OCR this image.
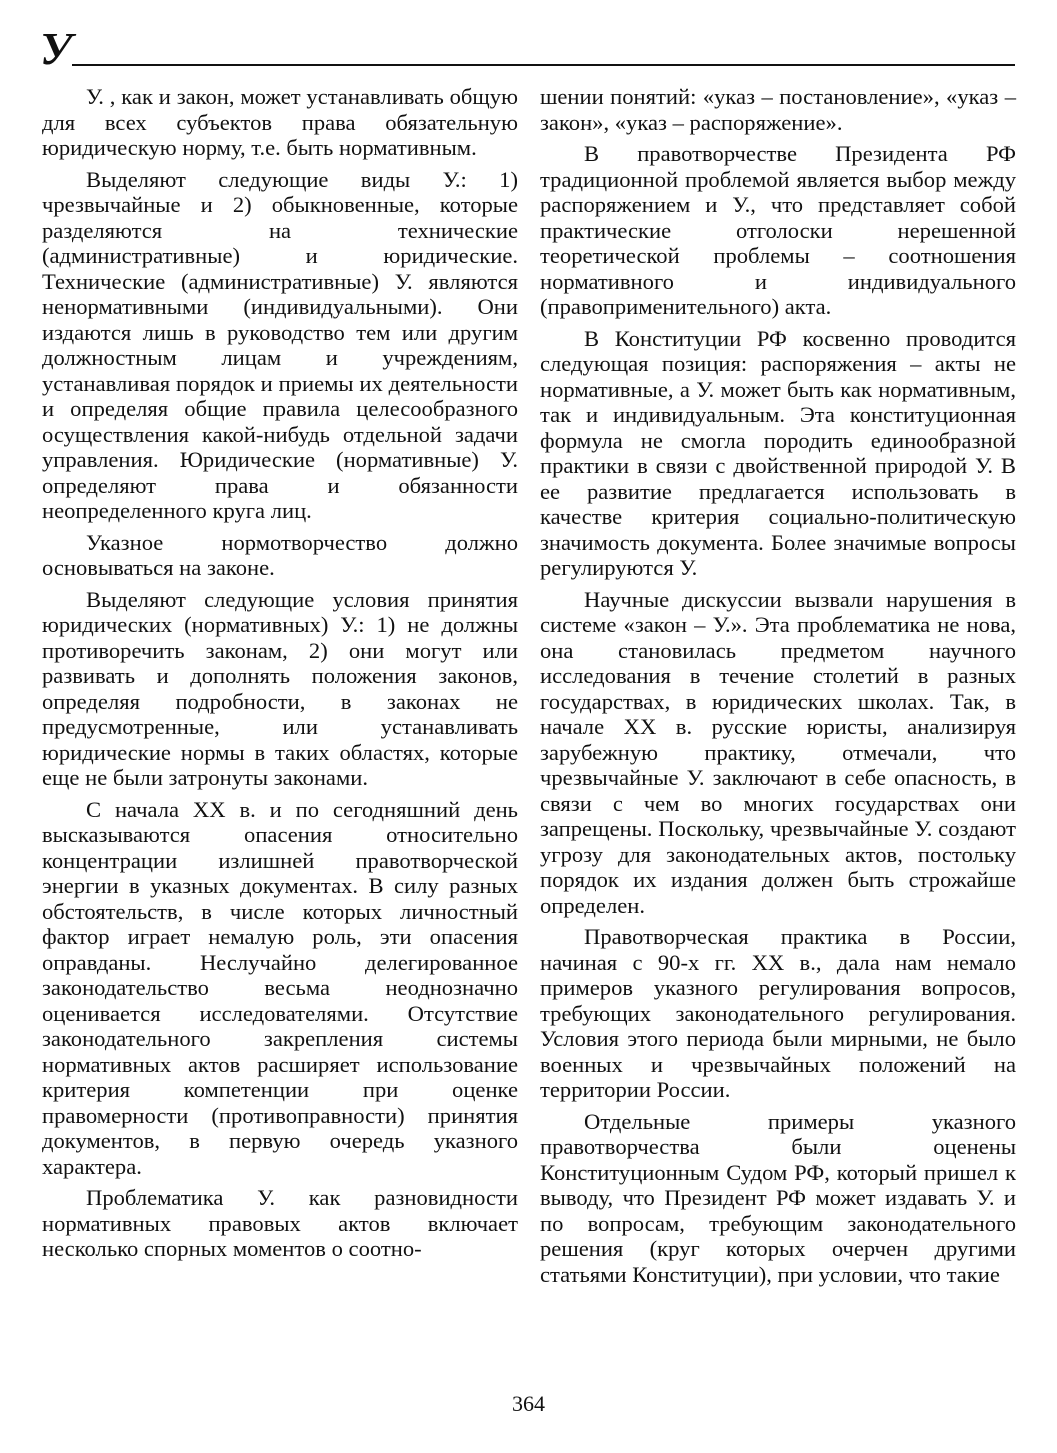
У

У. , как и закон, может устанавливать общую для всех субъектов права обязательную юридическую норму, т.е. быть нормативным.

Выделяют следующие виды У.: 1) чрезвычайные и 2) обыкновенные, которые разделяются на технические (административные) и юридические. Технические (административные) У. являются ненормативными (индивидуальными). Они издаются лишь в руководство тем или другим должностным лицам и учреждениям, устанавливая порядок и приемы их деятельности и определяя общие правила целесообразного осуществления какой-нибудь отдельной задачи управления. Юридические (нормативные) У. определяют права и обязанности неопределенного круга лиц.

Указное нормотворчество должно основываться на законе.

Выделяют следующие условия принятия юридических (нормативных) У.: 1) не должны противоречить законам, 2) они могут или развивать и дополнять положения законов, определяя подробности, в законах не предусмотренные, или устанавливать юридические нормы в таких областях, которые еще не были затронуты законами.

С начала XX в. и по сегодняшний день высказываются опасения относительно концентрации излишней правотворческой энергии в указных документах. В силу разных обстоятельств, в числе которых личностный фактор играет немалую роль, эти опасения оправданы. Неслучайно делегированное законодательство весьма неоднозначно оценивается исследователями. Отсутствие законодательного закрепления системы нормативных актов расширяет использование критерия компетенции при оценке правомерности (противоправности) принятия документов, в первую очередь указного характера.

Проблематика У. как разновидности нормативных правовых актов включает несколько спорных моментов о соотно-

шении понятий: «указ – постановление», «указ – закон», «указ – распоряжение».

В правотворчестве Президента РФ традиционной проблемой является выбор между распоряжением и У., что представляет собой практические отголоски нерешенной теоретической проблемы – соотношения нормативного и индивидуального (правоприменительного) акта.

В Конституции РФ косвенно проводится следующая позиция: распоряжения – акты не нормативные, а У. может быть как нормативным, так и индивидуальным. Эта конституционная формула не смогла породить единообразной практики в связи с двойственной природой У. В ее развитие предлагается использовать в качестве критерия социально-политическую значимость документа. Более значимые вопросы регулируются У.

Научные дискуссии вызвали нарушения в системе «закон – У.». Эта проблематика не нова, она становилась предметом научного исследования в течение столетий в разных государствах, в юридических школах. Так, в начале XX в. русские юристы, анализируя зарубежную практику, отмечали, что чрезвычайные У. заключают в себе опасность, в связи с чем во многих государствах они запрещены. Поскольку, чрезвычайные У. создают угрозу для законодательных актов, постольку порядок их издания должен быть строжайше определен.

Правотворческая практика в России, начиная с 90-х гг. XX в., дала нам немало примеров указного регулирования вопросов, требующих законодательного регулирования. Условия этого периода были мирными, не было военных и чрезвычайных положений на территории России.

Отдельные примеры указного правотворчества были оценены Конституционным Судом РФ, который пришел к выводу, что Президент РФ может издавать У. и по вопросам, требующим законодательного решения (круг которых очерчен другими статьями Конституции), при условии, что такие

364
